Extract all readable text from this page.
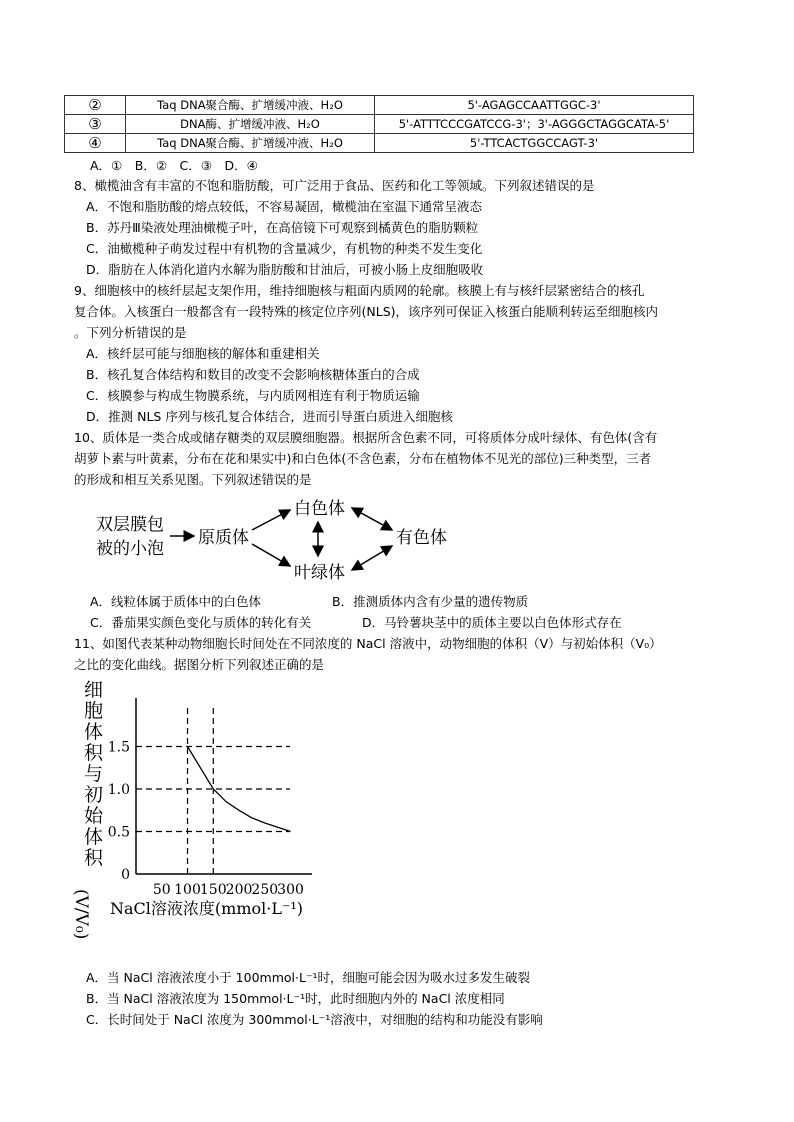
②	Taq DNA聚合酶、扩增缓冲液、H₂O	5'-AGAGCCAATTGGC-3'
③	DNA酶、扩增缓冲液、H₂O	5'-ATTTCCCGATCCG-3'；3'-AGGGCTAGGCATA-5'
④	Taq DNA聚合酶、扩增缓冲液、H₂O	5'-TTCACTGGCCAGT-3'
A．①　B．②　C．③　D．④
8、橄榄油含有丰富的不饱和脂肪酸，可广泛用于食品、医药和化工等领域。下列叙述错误的是
A．不饱和脂肪酸的熔点较低，不容易凝固，橄榄油在室温下通常呈液态
B．苏丹Ⅲ染液处理油橄榄子叶，在高倍镜下可观察到橘黄色的脂肪颗粒
C．油橄榄种子萌发过程中有机物的含量减少，有机物的种类不发生变化
D．脂肪在人体消化道内水解为脂肪酸和甘油后，可被小肠上皮细胞吸收
9、细胞核中的核纤层起支架作用，维持细胞核与粗面内质网的轮廓。核膜上有与核纤层紧密结合的核孔
复合体。入核蛋白一般都含有一段特殊的核定位序列(NLS)，该序列可保证入核蛋白能顺利转运至细胞核内
。下列分析错误的是
A．核纤层可能与细胞核的解体和重建相关
B．核孔复合体结构和数目的改变不会影响核糖体蛋白的合成
C．核膜参与构成生物膜系统，与内质网相连有利于物质运输
D．推测 NLS 序列与核孔复合体结合，进而引导蛋白质进入细胞核
10、质体是一类合成或储存糖类的双层膜细胞器。根据所含色素不同，可将质体分成叶绿体、有色体(含有
胡萝卜素与叶黄素，分布在花和果实中)和白色体(不含色素，分布在植物体不见光的部位)三种类型，三者
的形成和相互关系见图。下列叙述错误的是
双层膜包
被的小泡
原质体
白色体
叶绿体
有色体
A．线粒体属于质体中的白色体	B．推测质体内含有少量的遗传物质
C．番茄果实颜色变化与质体的转化有关	D．马铃薯块茎中的质体主要以白色体形式存在
11、如图代表某种动物细胞长时间处在不同浓度的 NaCl 溶液中，动物细胞的体积（V）与初始体积（V₀）
之比的变化曲线。据图分析下列叙述正确的是
细
胞
体
积
与
初
始
体
积
(V/V₀)
0
0.5
1.0
1.5
50 100 150 200 250 300
NaCl溶液浓度(mmol·L⁻¹)
A．当 NaCl 溶液浓度小于 100mmol·L⁻¹时，细胞可能会因为吸水过多发生破裂
B．当 NaCl 溶液浓度为 150mmol·L⁻¹时，此时细胞内外的 NaCl 浓度相同
C．长时间处于 NaCl 浓度为 300mmol·L⁻¹溶液中，对细胞的结构和功能没有影响
